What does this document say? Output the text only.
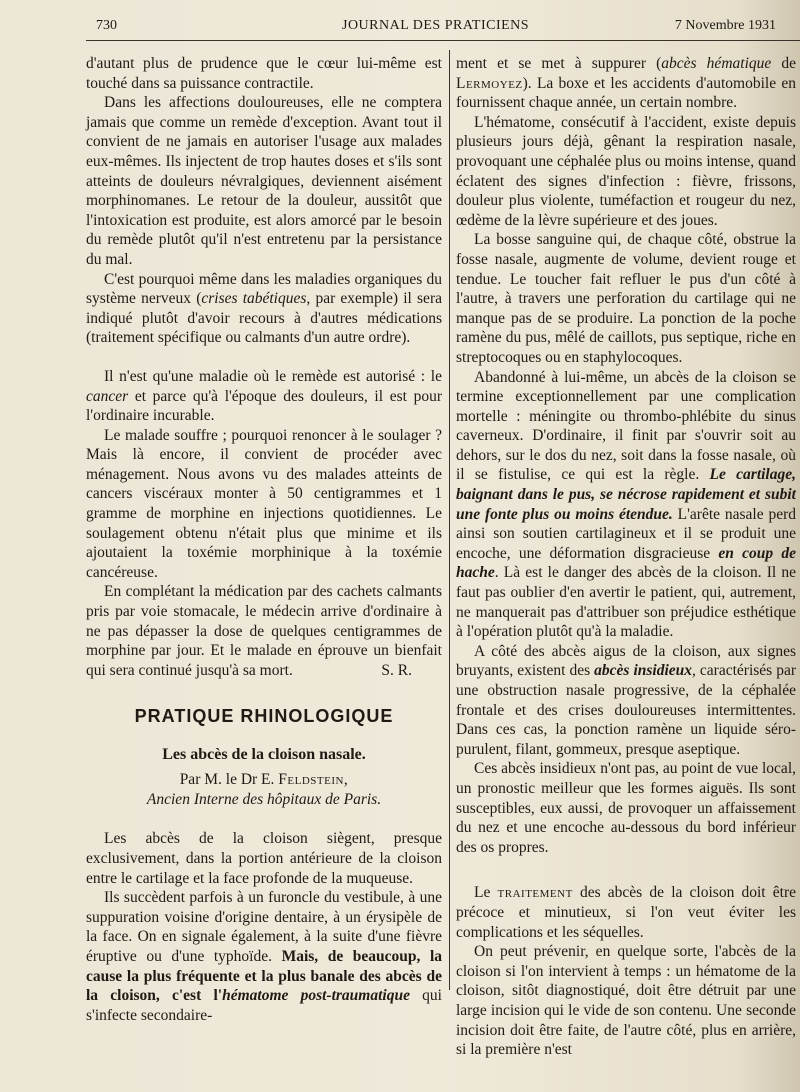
730	JOURNAL DES PRATICIENS	7 Novembre 1931

d'autant plus de prudence que le cœur lui-même est touché dans sa puissance contractile.

Dans les affections douloureuses, elle ne comptera jamais que comme un remède d'exception. Avant tout il convient de ne jamais en autoriser l'usage aux malades eux-mêmes. Ils injectent de trop hautes doses et s'ils sont atteints de douleurs névralgiques, deviennent aisément morphinomanes. Le retour de la douleur, aussitôt que l'intoxication est produite, est alors amorcé par le besoin du remède plutôt qu'il n'est entretenu par la persistance du mal.

C'est pourquoi même dans les maladies organiques du système nerveux (crises tabétiques, par exemple) il sera indiqué plutôt d'avoir recours à d'autres médications (traitement spécifique ou calmants d'un autre ordre).

Il n'est qu'une maladie où le remède est autorisé : le cancer et parce qu'à l'époque des douleurs, il est pour l'ordinaire incurable.

Le malade souffre ; pourquoi renoncer à le soulager ? Mais là encore, il convient de procéder avec ménagement. Nous avons vu des malades atteints de cancers viscéraux monter à 50 centigrammes et 1 gramme de morphine en injections quotidiennes. Le soulagement obtenu n'était plus que minime et ils ajoutaient la toxémie morphinique à la toxémie cancéreuse.

En complétant la médication par des cachets calmants pris par voie stomacale, le médecin arrive d'ordinaire à ne pas dépasser la dose de quelques centigrammes de morphine par jour. Et le malade en éprouve un bienfait qui sera continué jusqu'à sa mort.	S. R.
PRATIQUE RHINOLOGIQUE
Les abcès de la cloison nasale.
Par M. le Dr E. Feldstein,
Ancien Interne des hôpitaux de Paris.

Les abcès de la cloison siègent, presque exclusivement, dans la portion antérieure de la cloison entre le cartilage et la face profonde de la muqueuse.

Ils succèdent parfois à un furoncle du vestibule, à une suppuration voisine d'origine dentaire, à un érysipèle de la face. On en signale également, à la suite d'une fièvre éruptive ou d'une typhoïde. Mais, de beaucoup, la cause la plus fréquente et la plus banale des abcès de la cloison, c'est l'hématome post-traumatique qui s'infecte secondaire-

ment et se met à suppurer (abcès hématique de Lermoyez). La boxe et les accidents d'automobile en fournissent chaque année, un certain nombre.

L'hématome, consécutif à l'accident, existe depuis plusieurs jours déjà, gênant la respiration nasale, provoquant une céphalée plus ou moins intense, quand éclatent des signes d'infection : fièvre, frissons, douleur plus violente, tuméfaction et rougeur du nez, œdème de la lèvre supérieure et des joues.

La bosse sanguine qui, de chaque côté, obstrue la fosse nasale, augmente de volume, devient rouge et tendue. Le toucher fait refluer le pus d'un côté à l'autre, à travers une perforation du cartilage qui ne manque pas de se produire. La ponction de la poche ramène du pus, mêlé de caillots, pus septique, riche en streptocoques ou en staphylocoques.

Abandonné à lui-même, un abcès de la cloison se termine exceptionnellement par une complication mortelle : méningite ou thrombo-phlébite du sinus caverneux. D'ordinaire, il finit par s'ouvrir soit au dehors, sur le dos du nez, soit dans la fosse nasale, où il se fistulise, ce qui est la règle. Le cartilage, baignant dans le pus, se nécrose rapidement et subit une fonte plus ou moins étendue. L'arête nasale perd ainsi son soutien cartilagineux et il se produit une encoche, une déformation disgracieuse en coup de hache. Là est le danger des abcès de la cloison. Il ne faut pas oublier d'en avertir le patient, qui, autrement, ne manquerait pas d'attribuer son préjudice esthétique à l'opération plutôt qu'à la maladie.

A côté des abcès aigus de la cloison, aux signes bruyants, existent des abcès insidieux, caractérisés par une obstruction nasale progressive, de la céphalée frontale et des crises douloureuses intermittentes. Dans ces cas, la ponction ramène un liquide séro-purulent, filant, gommeux, presque aseptique.

Ces abcès insidieux n'ont pas, au point de vue local, un pronostic meilleur que les formes aiguës. Ils sont susceptibles, eux aussi, de provoquer un affaissement du nez et une encoche au-dessous du bord inférieur des os propres.

Le traitement des abcès de la cloison doit être précoce et minutieux, si l'on veut éviter les complications et les séquelles.

On peut prévenir, en quelque sorte, l'abcès de la cloison si l'on intervient à temps : un hématome de la cloison, sitôt diagnostiqué, doit être détruit par une large incision qui le vide de son contenu. Une seconde incision doit être faite, de l'autre côté, plus en arrière, si la première n'est
